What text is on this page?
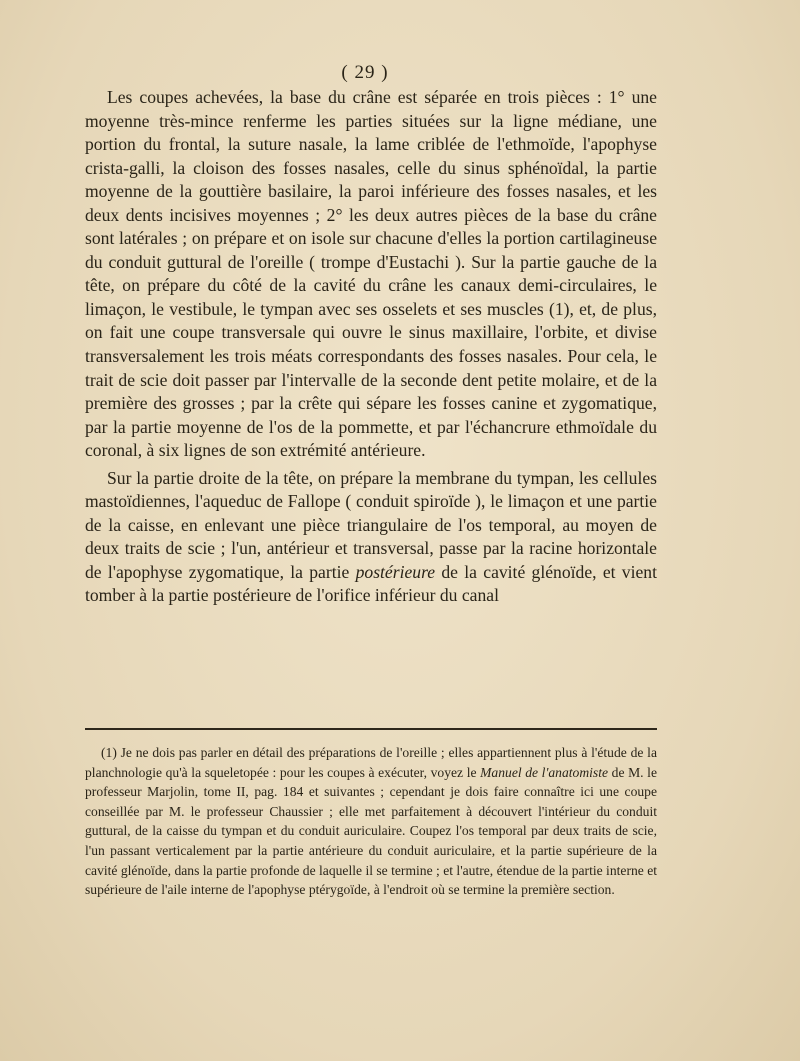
( 29 )

Les coupes achevées, la base du crâne est séparée en trois pièces : 1° une moyenne très-mince renferme les parties situées sur la ligne médiane, une portion du frontal, la suture nasale, la lame criblée de l'ethmoïde, l'apophyse crista-galli, la cloison des fosses nasales, celle du sinus sphénoïdal, la partie moyenne de la gouttière basilaire, la paroi inférieure des fosses nasales, et les deux dents incisives moyennes ; 2° les deux autres pièces de la base du crâne sont latérales ; on prépare et on isole sur chacune d'elles la portion cartilagineuse du conduit guttural de l'oreille ( trompe d'Eustachi ). Sur la partie gauche de la tête, on prépare du côté de la cavité du crâne les canaux demi-circulaires, le limaçon, le vestibule, le tympan avec ses osselets et ses muscles (1), et, de plus, on fait une coupe transversale qui ouvre le sinus maxillaire, l'orbite, et divise transversalement les trois méats correspondants des fosses nasales. Pour cela, le trait de scie doit passer par l'intervalle de la seconde dent petite molaire, et de la première des grosses ; par la crête qui sépare les fosses canine et zygomatique, par la partie moyenne de l'os de la pommette, et par l'échancrure ethmoïdale du coronal, à six lignes de son extrémité antérieure.

Sur la partie droite de la tête, on prépare la membrane du tympan, les cellules mastoïdiennes, l'aqueduc de Fallope ( conduit spiroïde ), le limaçon et une partie de la caisse, en enlevant une pièce triangulaire de l'os temporal, au moyen de deux traits de scie ; l'un, antérieur et transversal, passe par la racine horizontale de l'apophyse zygomatique, la partie postérieure de la cavité glénoïde, et vient tomber à la partie postérieure de l'orifice inférieur du canal

(1) Je ne dois pas parler en détail des préparations de l'oreille ; elles appartiennent plus à l'étude de la planchnologie qu'à la squeletopée : pour les coupes à exécuter, voyez le Manuel de l'anatomiste de M. le professeur Marjolin, tome II, pag. 184 et suivantes ; cependant je dois faire connaître ici une coupe conseillée par M. le professeur Chaussier ; elle met parfaitement à découvert l'intérieur du conduit guttural, de la caisse du tympan et du conduit auriculaire. Coupez l'os temporal par deux traits de scie, l'un passant verticalement par la partie antérieure du conduit auriculaire, et la partie supérieure de la cavité glénoïde, dans la partie profonde de laquelle il se termine ; et l'autre, étendue de la partie interne et supérieure de l'aile interne de l'apophyse ptérygoïde, à l'endroit où se termine la première section.
